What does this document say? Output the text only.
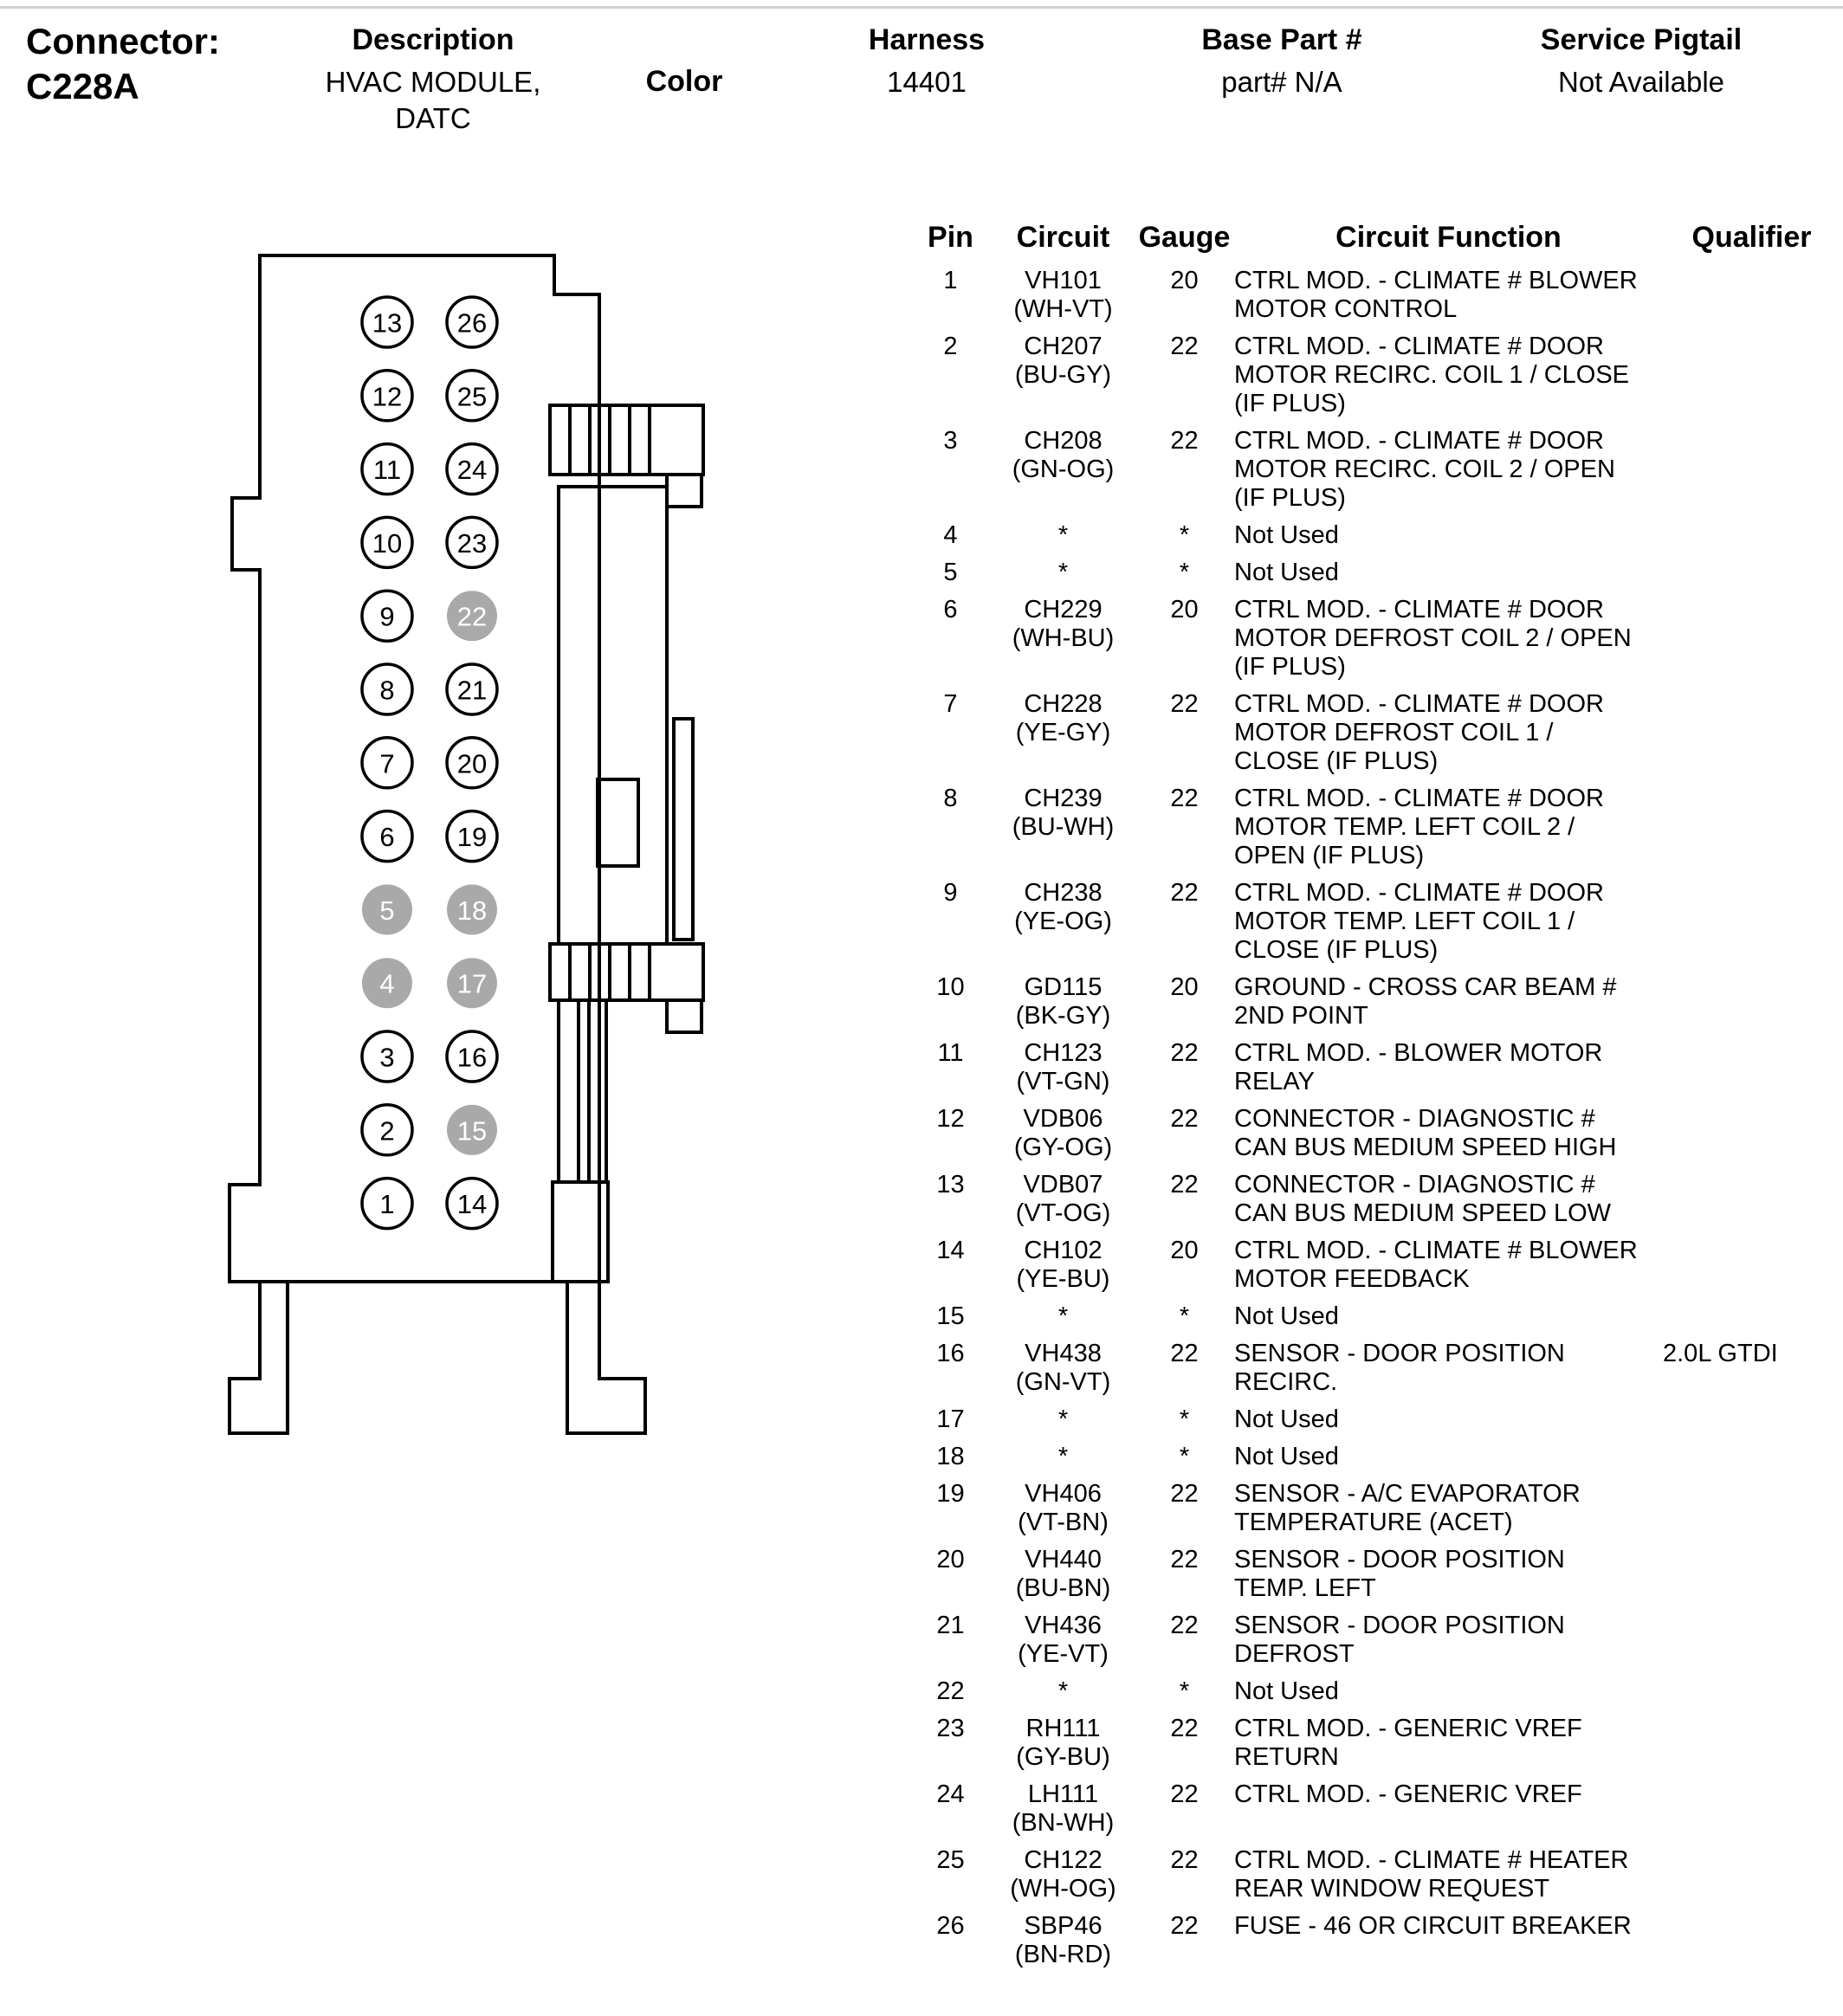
Connector:
C228A
Description
HVAC MODULE, DATC
Color
Harness
14401
Base Part #
part# N/A
Service Pigtail
Not Available
13 26
12 25
11 24
10 23
9 22
8 21
7 20
6 19
5 18
4 17
3 16
2 15
1 14
Pin	Circuit Gauge	Circuit Function	Qualifier
1	VH101
(WH-VT)
20	CTRL MOD. - CLIMATE # BLOWER MOTOR CONTROL
2	CH207
(BU-GY)
22	CTRL MOD. - CLIMATE # DOOR MOTOR RECIRC. COIL 1 / CLOSE (IF PLUS)
3	CH208
(GN-OG)
22	CTRL MOD. - CLIMATE # DOOR MOTOR RECIRC. COIL 2 / OPEN (IF PLUS)
4	*	*	Not Used
5	*	*	Not Used
6	CH229
(WH-BU)
20	CTRL MOD. - CLIMATE # DOOR MOTOR DEFROST COIL 2 / OPEN (IF PLUS)
7	CH228
(YE-GY)
22	CTRL MOD. - CLIMATE # DOOR MOTOR DEFROST COIL 1 / CLOSE (IF PLUS)
8	CH239
(BU-WH)
22	CTRL MOD. - CLIMATE # DOOR MOTOR TEMP. LEFT COIL 2 / OPEN (IF PLUS)
9	CH238
(YE-OG)
22	CTRL MOD. - CLIMATE # DOOR MOTOR TEMP. LEFT COIL 1 / CLOSE (IF PLUS)
10	GD115
(BK-GY)
20	GROUND - CROSS CAR BEAM # 2ND POINT
11	CH123
(VT-GN)
22	CTRL MOD. - BLOWER MOTOR RELAY
12	VDB06
(GY-OG)
22	CONNECTOR - DIAGNOSTIC # CAN BUS MEDIUM SPEED HIGH
13	VDB07
(VT-OG)
22	CONNECTOR - DIAGNOSTIC # CAN BUS MEDIUM SPEED LOW
14	CH102
(YE-BU)
20	CTRL MOD. - CLIMATE # BLOWER MOTOR FEEDBACK
15	*	*	Not Used
16	VH438
(GN-VT)
22	SENSOR - DOOR POSITION RECIRC.
2.0L GTDI
17	*	*	Not Used
18	*	*	Not Used
19	VH406
(VT-BN)
22	SENSOR - A/C EVAPORATOR TEMPERATURE (ACET)
20	VH440
(BU-BN)
22	SENSOR - DOOR POSITION TEMP. LEFT
21	VH436
(YE-VT)
22	SENSOR - DOOR POSITION DEFROST
22	*	*	Not Used
23	RH111
(GY-BU)
22	CTRL MOD. - GENERIC VREF RETURN
24	LH111
(BN-WH)
22	CTRL MOD. - GENERIC VREF
25	CH122
(WH-OG)
22	CTRL MOD. - CLIMATE # HEATER REAR WINDOW REQUEST
26	SBP46
(BN-RD)
22	FUSE - 46 OR CIRCUIT BREAKER
